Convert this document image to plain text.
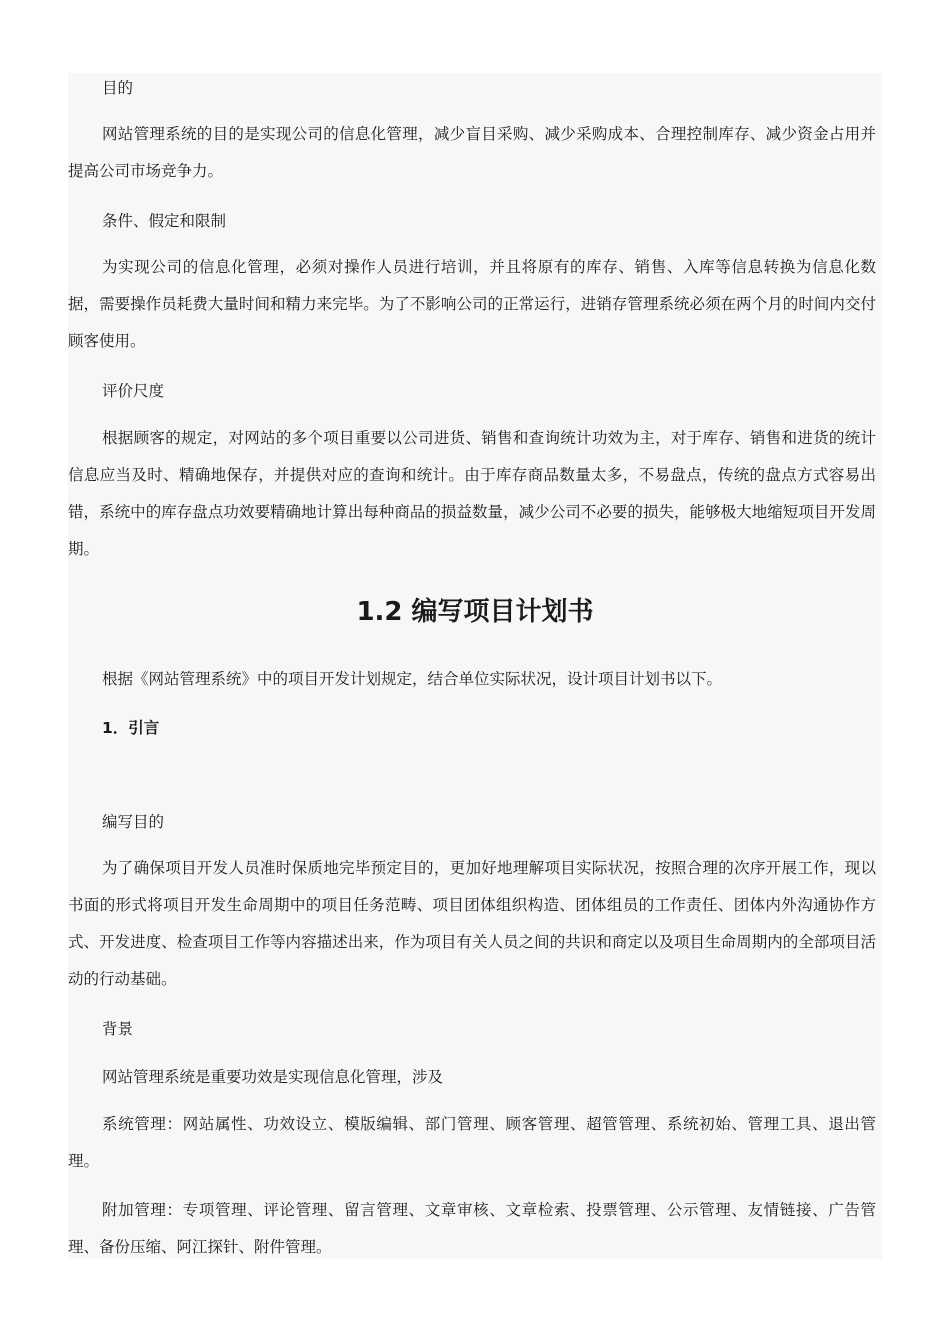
目的

网站管理系统的目的是实现公司的信息化管理，减少盲目采购、减少采购成本、合理控制库存、减少资金占用并提高公司市场竞争力。

条件、假定和限制

为实现公司的信息化管理，必须对操作人员进行培训，并且将原有的库存、销售、入库等信息转换为信息化数据，需要操作员耗费大量时间和精力来完毕。为了不影响公司的正常运行，进销存管理系统必须在两个月的时间内交付顾客使用。

评价尺度

根据顾客的规定，对网站的多个项目重要以公司进货、销售和查询统计功效为主，对于库存、销售和进货的统计信息应当及时、精确地保存，并提供对应的查询和统计。由于库存商品数量太多，不易盘点，传统的盘点方式容易出错，系统中的库存盘点功效要精确地计算出每种商品的损益数量，减少公司不必要的损失，能够极大地缩短项目开发周期。

1.2 编写项目计划书

根据《网站管理系统》中的项目开发计划规定，结合单位实际状况，设计项目计划书以下。

1．引言

编写目的

为了确保项目开发人员准时保质地完毕预定目的，更加好地理解项目实际状况，按照合理的次序开展工作，现以书面的形式将项目开发生命周期中的项目任务范畴、项目团体组织构造、团体组员的工作责任、团体内外沟通协作方式、开发进度、检查项目工作等内容描述出来，作为项目有关人员之间的共识和商定以及项目生命周期内的全部项目活动的行动基础。

背景

网站管理系统是重要功效是实现信息化管理，涉及

系统管理：网站属性、功效设立、模版编辑、部门管理、顾客管理、超管管理、系统初始、管理工具、退出管理。

附加管理：专项管理、评论管理、留言管理、文章审核、文章检索、投票管理、公示管理、友情链接、广告管理、备份压缩、阿江探针、附件管理。
